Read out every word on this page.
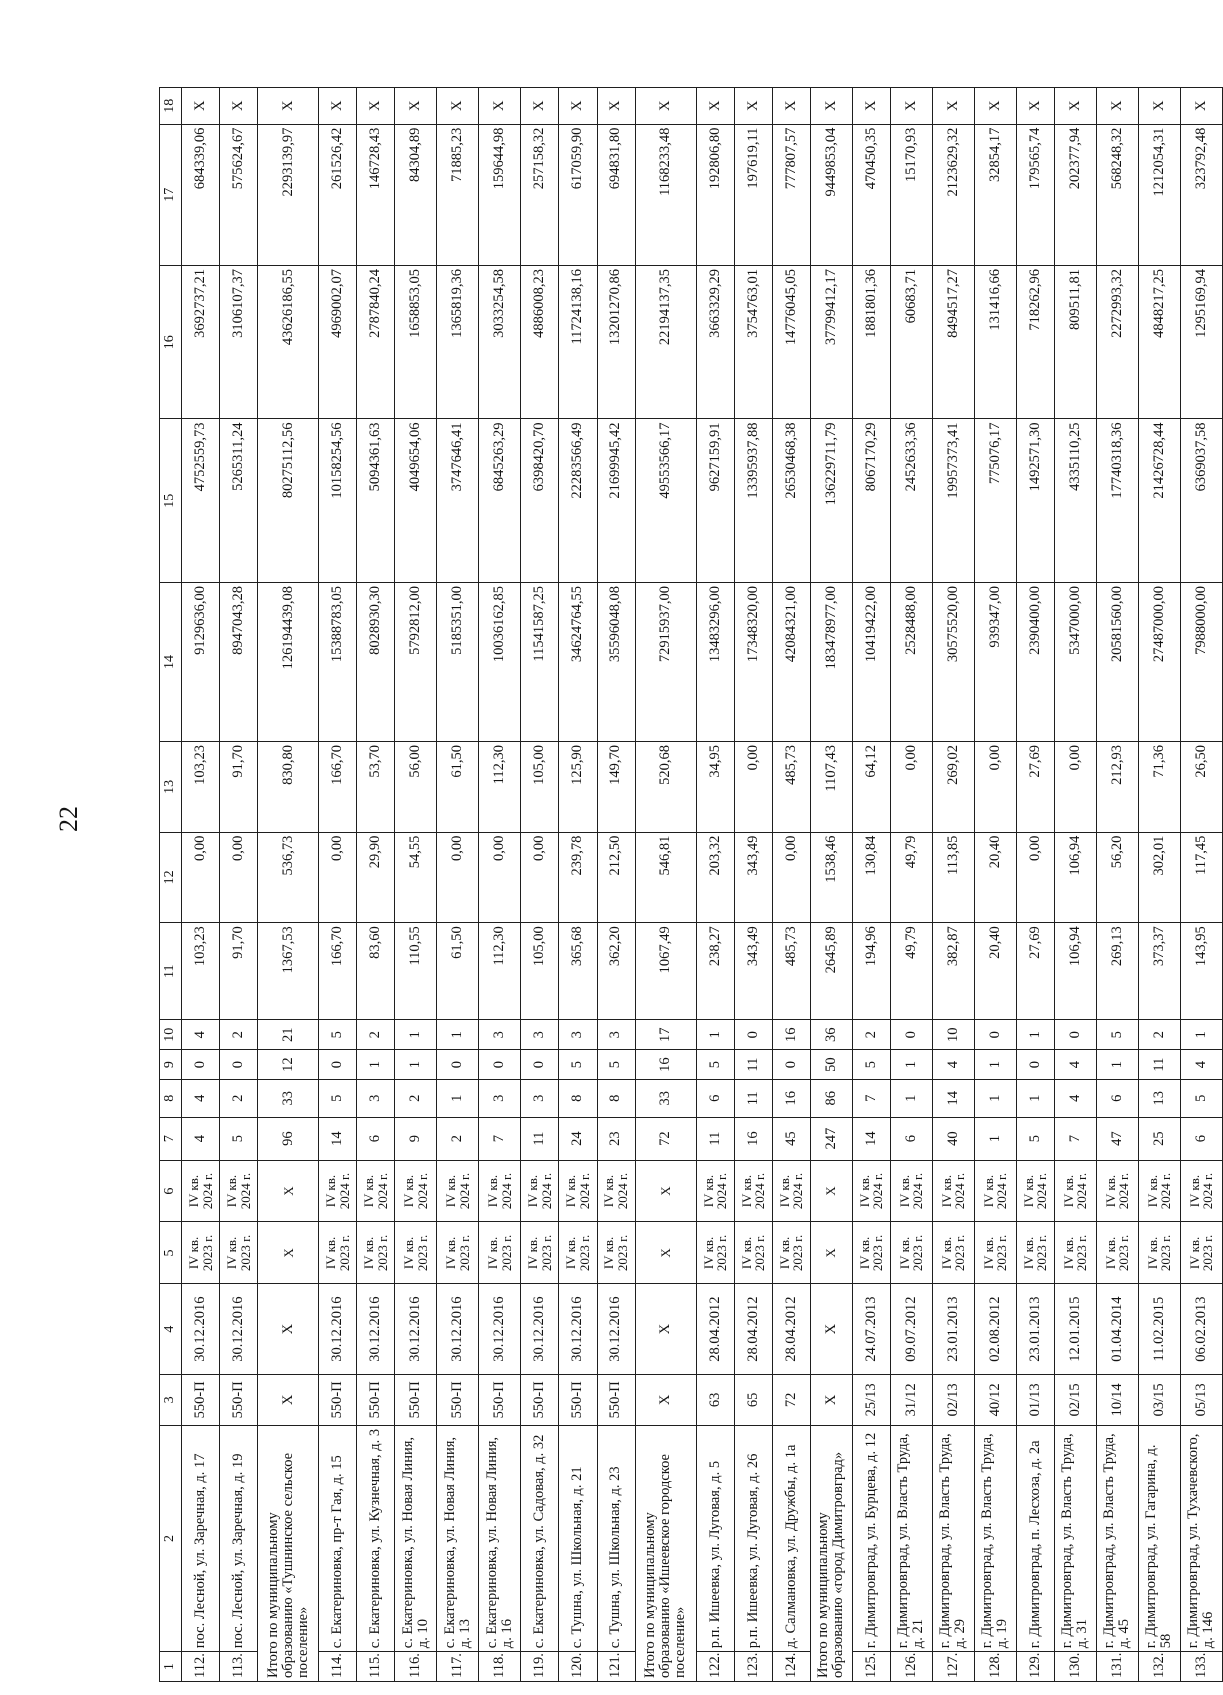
22
1	2	3	4	5	6	7	8	9	10	11	12	13	14	15	16	17	18
112.	пос. Лесной, ул. Заречная, д. 17	550-П	30.12.2016	IV кв. 2023 г.	IV кв. 2024 г.	4	4	0	4	103,23	0,00	103,23	9129636,00	4752559,73	3692737,21	684339,06	X
113.	пос. Лесной, ул. Заречная, д. 19	550-П	30.12.2016	IV кв. 2023 г.	IV кв. 2024 г.	5	2	0	2	91,70	0,00	91,70	8947043,28	5265311,24	3106107,37	575624,67	X
Итого по муниципальному образованию «Тушнинское сельское поселение»		X	X	X	X	96	33	12	21	1367,53	536,73	830,80	126194439,08	80275112,56	43626186,55	2293139,97	X
114.	с. Екатериновка, пр-т Гая, д. 15	550-П	30.12.2016	IV кв. 2023 г.	IV кв. 2024 г.	14	5	0	5	166,70	0,00	166,70	15388783,05	10158254,56	4969002,07	261526,42	X
115.	с. Екатериновка, ул. Кузнечная, д. 3	550-П	30.12.2016	IV кв. 2023 г.	IV кв. 2024 г.	6	3	1	2	83,60	29,90	53,70	8028930,30	5094361,63	2787840,24	146728,43	X
116.	с. Екатериновка, ул. Новая Линия, д. 10	550-П	30.12.2016	IV кв. 2023 г.	IV кв. 2024 г.	9	2	1	1	110,55	54,55	56,00	5792812,00	4049654,06	1658853,05	84304,89	X
117.	с. Екатериновка, ул. Новая Линия, д. 13	550-П	30.12.2016	IV кв. 2023 г.	IV кв. 2024 г.	2	1	0	1	61,50	0,00	61,50	5185351,00	3747646,41	1365819,36	71885,23	X
118.	с. Екатериновка, ул. Новая Линия, д. 16	550-П	30.12.2016	IV кв. 2023 г.	IV кв. 2024 г.	7	3	0	3	112,30	0,00	112,30	10036162,85	6845263,29	3033254,58	159644,98	X
119.	с. Екатериновка, ул. Садовая, д. 32	550-П	30.12.2016	IV кв. 2023 г.	IV кв. 2024 г.	11	3	0	3	105,00	0,00	105,00	11541587,25	6398420,70	4886008,23	257158,32	X
120.	с. Тушна, ул. Школьная, д. 21	550-П	30.12.2016	IV кв. 2023 г.	IV кв. 2024 г.	24	8	5	3	365,68	239,78	125,90	34624764,55	22283566,49	11724138,16	617059,90	X
121.	с. Тушна, ул. Школьная, д. 23	550-П	30.12.2016	IV кв. 2023 г.	IV кв. 2024 г.	23	8	5	3	362,20	212,50	149,70	35596048,08	21699945,42	13201270,86	694831,80	X
Итого по муниципальному образованию «Ишеевское городское поселение»		X	X	X	X	72	33	16	17	1067,49	546,81	520,68	72915937,00	49553566,17	22194137,35	1168233,48	X
122.	р.п. Ишеевка, ул. Луговая, д. 5	63	28.04.2012	IV кв. 2023 г.	IV кв. 2024 г.	11	6	5	1	238,27	203,32	34,95	13483296,00	9627159,91	3663329,29	192806,80	X
123.	р.п. Ишеевка, ул. Луговая, д. 26	65	28.04.2012	IV кв. 2023 г.	IV кв. 2024 г.	16	11	11	0	343,49	343,49	0,00	17348320,00	13395937,88	3754763,01	197619,11	X
124.	д. Салмановка, ул. Дружбы, д. 1а	72	28.04.2012	IV кв. 2023 г.	IV кв. 2024 г.	45	16	0	16	485,73	0,00	485,73	42084321,00	26530468,38	14776045,05	777807,57	X
Итого по муниципальному образованию «город Димитровград»		X	X	X	X	247	86	50	36	2645,89	1538,46	1107,43	183478977,00	136229711,79	37799412,17	9449853,04	X
125.	г. Димитровград, ул. Бурцева, д. 12	25/13	24.07.2013	IV кв. 2023 г.	IV кв. 2024 г.	14	7	5	2	194,96	130,84	64,12	10419422,00	8067170,29	1881801,36	470450,35	X
126.	г. Димитровград, ул. Власть Труда, д. 21	31/12	09.07.2012	IV кв. 2023 г.	IV кв. 2024 г.	6	1	1	0	49,79	49,79	0,00	2528488,00	2452633,36	60683,71	15170,93	X
127.	г. Димитровград, ул. Власть Труда, д. 29	02/13	23.01.2013	IV кв. 2023 г.	IV кв. 2024 г.	40	14	4	10	382,87	113,85	269,02	30575520,00	19957373,41	8494517,27	2123629,32	X
128.	г. Димитровград, ул. Власть Труда, д. 19	40/12	02.08.2012	IV кв. 2023 г.	IV кв. 2024 г.	1	1	1	0	20,40	20,40	0,00	939347,00	775076,17	131416,66	32854,17	X
129.	г. Димитровград, п. Лесхоза, д. 2а	01/13	23.01.2013	IV кв. 2023 г.	IV кв. 2024 г.	5	1	0	1	27,69	0,00	27,69	2390400,00	1492571,30	718262,96	179565,74	X
130.	г. Димитровград, ул. Власть Труда, д. 31	02/15	12.01.2015	IV кв. 2023 г.	IV кв. 2024 г.	7	4	4	0	106,94	106,94	0,00	5347000,00	4335110,25	809511,81	202377,94	X
131.	г. Димитровград, ул. Власть Труда, д. 45	10/14	01.04.2014	IV кв. 2023 г.	IV кв. 2024 г.	47	6	1	5	269,13	56,20	212,93	20581560,00	17740318,36	2272993,32	568248,32	X
132.	г. Димитровград, ул. Гагарина, д. 58	03/15	11.02.2015	IV кв. 2023 г.	IV кв. 2024 г.	25	13	11	2	373,37	302,01	71,36	27487000,00	21426728,44	4848217,25	1212054,31	X
133.	г. Димитровград, ул. Тухачевского, д. 146	05/13	06.02.2013	IV кв. 2023 г.	IV кв. 2024 г.	6	5	4	1	143,95	117,45	26,50	7988000,00	6369037,58	1295169,94	323792,48	X
